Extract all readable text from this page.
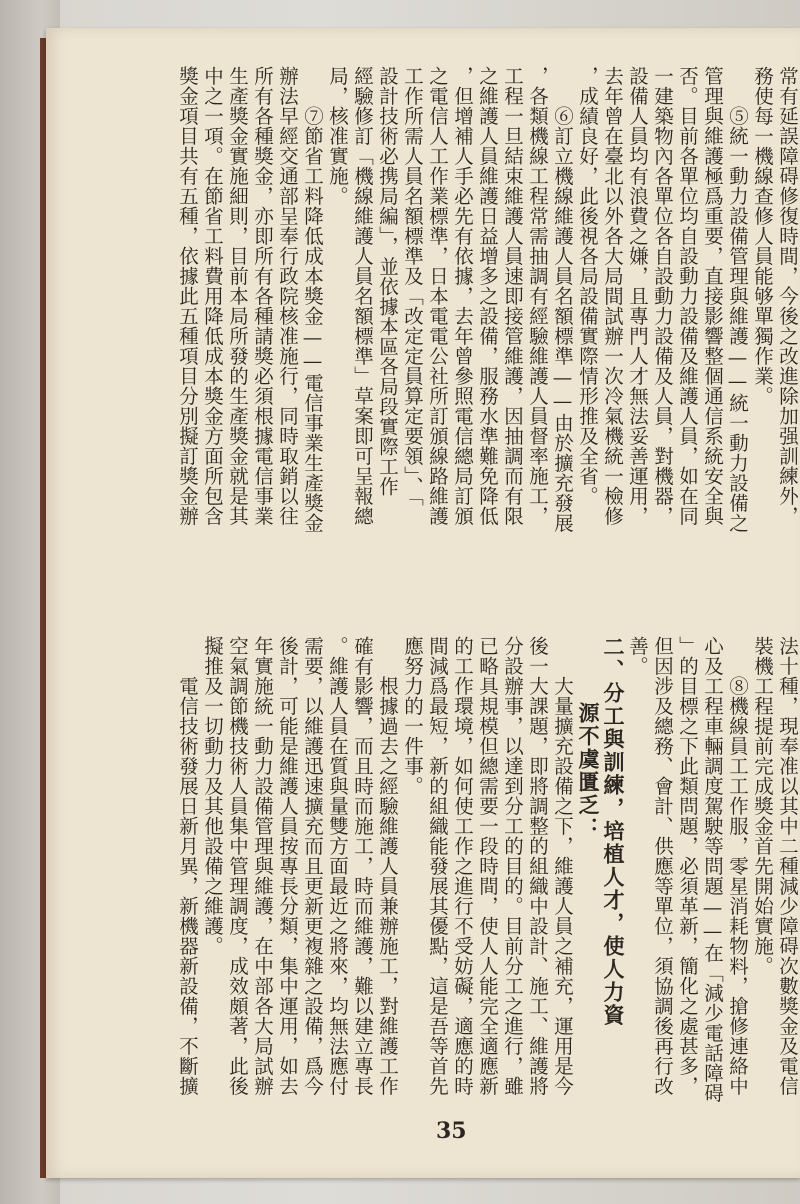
常有延誤障碍修復時間，今後之改進除加强訓練外，

務使每一機線查修人員能够單獨作業。

⑤統一動力設備管理與維護——統一動力設備之

管理與維護極爲重要，直接影響整個通信系統安全與

否。目前各單位均自設動力設備及維護人員，如在同

一建築物內各單位各自設動力設備及人員，對機器，

設備人員均有浪費之嫌，且專門人才無法妥善運用，

去年曾在臺北以外各大局間試辦一次冷氣機統一檢修

，成績良好，此後視各局設備實際情形推及全省。

⑥訂立機線維護人員名額標準——由於擴充發展

，各類機線工程常需抽調有經驗維護人員督率施工，

工程一旦結束維護人員速即接管維護，因抽調而有限

之維護人員維護日益增多之設備，服務水準難免降低

，但增補人手必先有依據，去年曾參照電信總局訂頒

之電信人工作業標準，日本電電公社所訂頒線路維護

工作所需人員名額標準及「改定定員算定要領」、「

設計技術必携局編」，並依據本區各局段實際工作

經驗修訂「機線維護人員名額標準」草案即可呈報總

局，核准實施。

⑦節省工料降低成本獎金——電信事業生產獎金

辦法早經交通部呈奉行政院核准施行，同時取銷以往

所有各種獎金，亦即所有各種請獎必須根據電信事業

生產獎金實施細則，目前本局所發的生產獎金就是其

中之一項。在節省工料費用降低成本獎金方面所包含

獎金項目共有五種，依據此五種項目分別擬訂獎金辦

法十種，現奉准以其中二種減少障碍次數獎金及電信

裝機工程提前完成獎金首先開始實施。

⑧機線員工工作服，零星消耗物料，搶修連絡中

心及工程車輛調度駕駛等問題——在「減少電話障碍

」的目標之下此類問題，必須革新，簡化之處甚多，

但因涉及總務、會計、供應等單位，須協調後再行改

善。

二、分工與訓練，培植人才，使人力資

源不虞匱乏：

大量擴充設備之下，維護人員之補充，運用是今

後一大課題，即將調整的組織中設計、施工、維護將

分設辦事，以達到分工的目的。目前分工之進行，雖

已略具規模但總需要一段時間，使人人能完全適應新

的工作環境，如何使工作之進行不受妨礙，適應的時

間減爲最短，新的組織能發展其優點，這是吾等首先

應努力的一件事。

根據過去之經驗維護人員兼辦施工，對維護工作

確有影響，而且時而施工，時而維護，難以建立專長

。維護人員在質與量雙方面最近之將來，均無法應付

需要，以維護迅速擴充而且更新更複雜之設備，爲今

後計，可能是維護人員按專長分類，集中運用，如去

年實施統一動力設備管理與維護，在中部各大局試辦

空氣調節機技術人員集中管理調度，成效頗著，此後

擬推及一切動力及其他設備之維護。

電信技術發展日新月異，新機器新設備，不斷擴

35
